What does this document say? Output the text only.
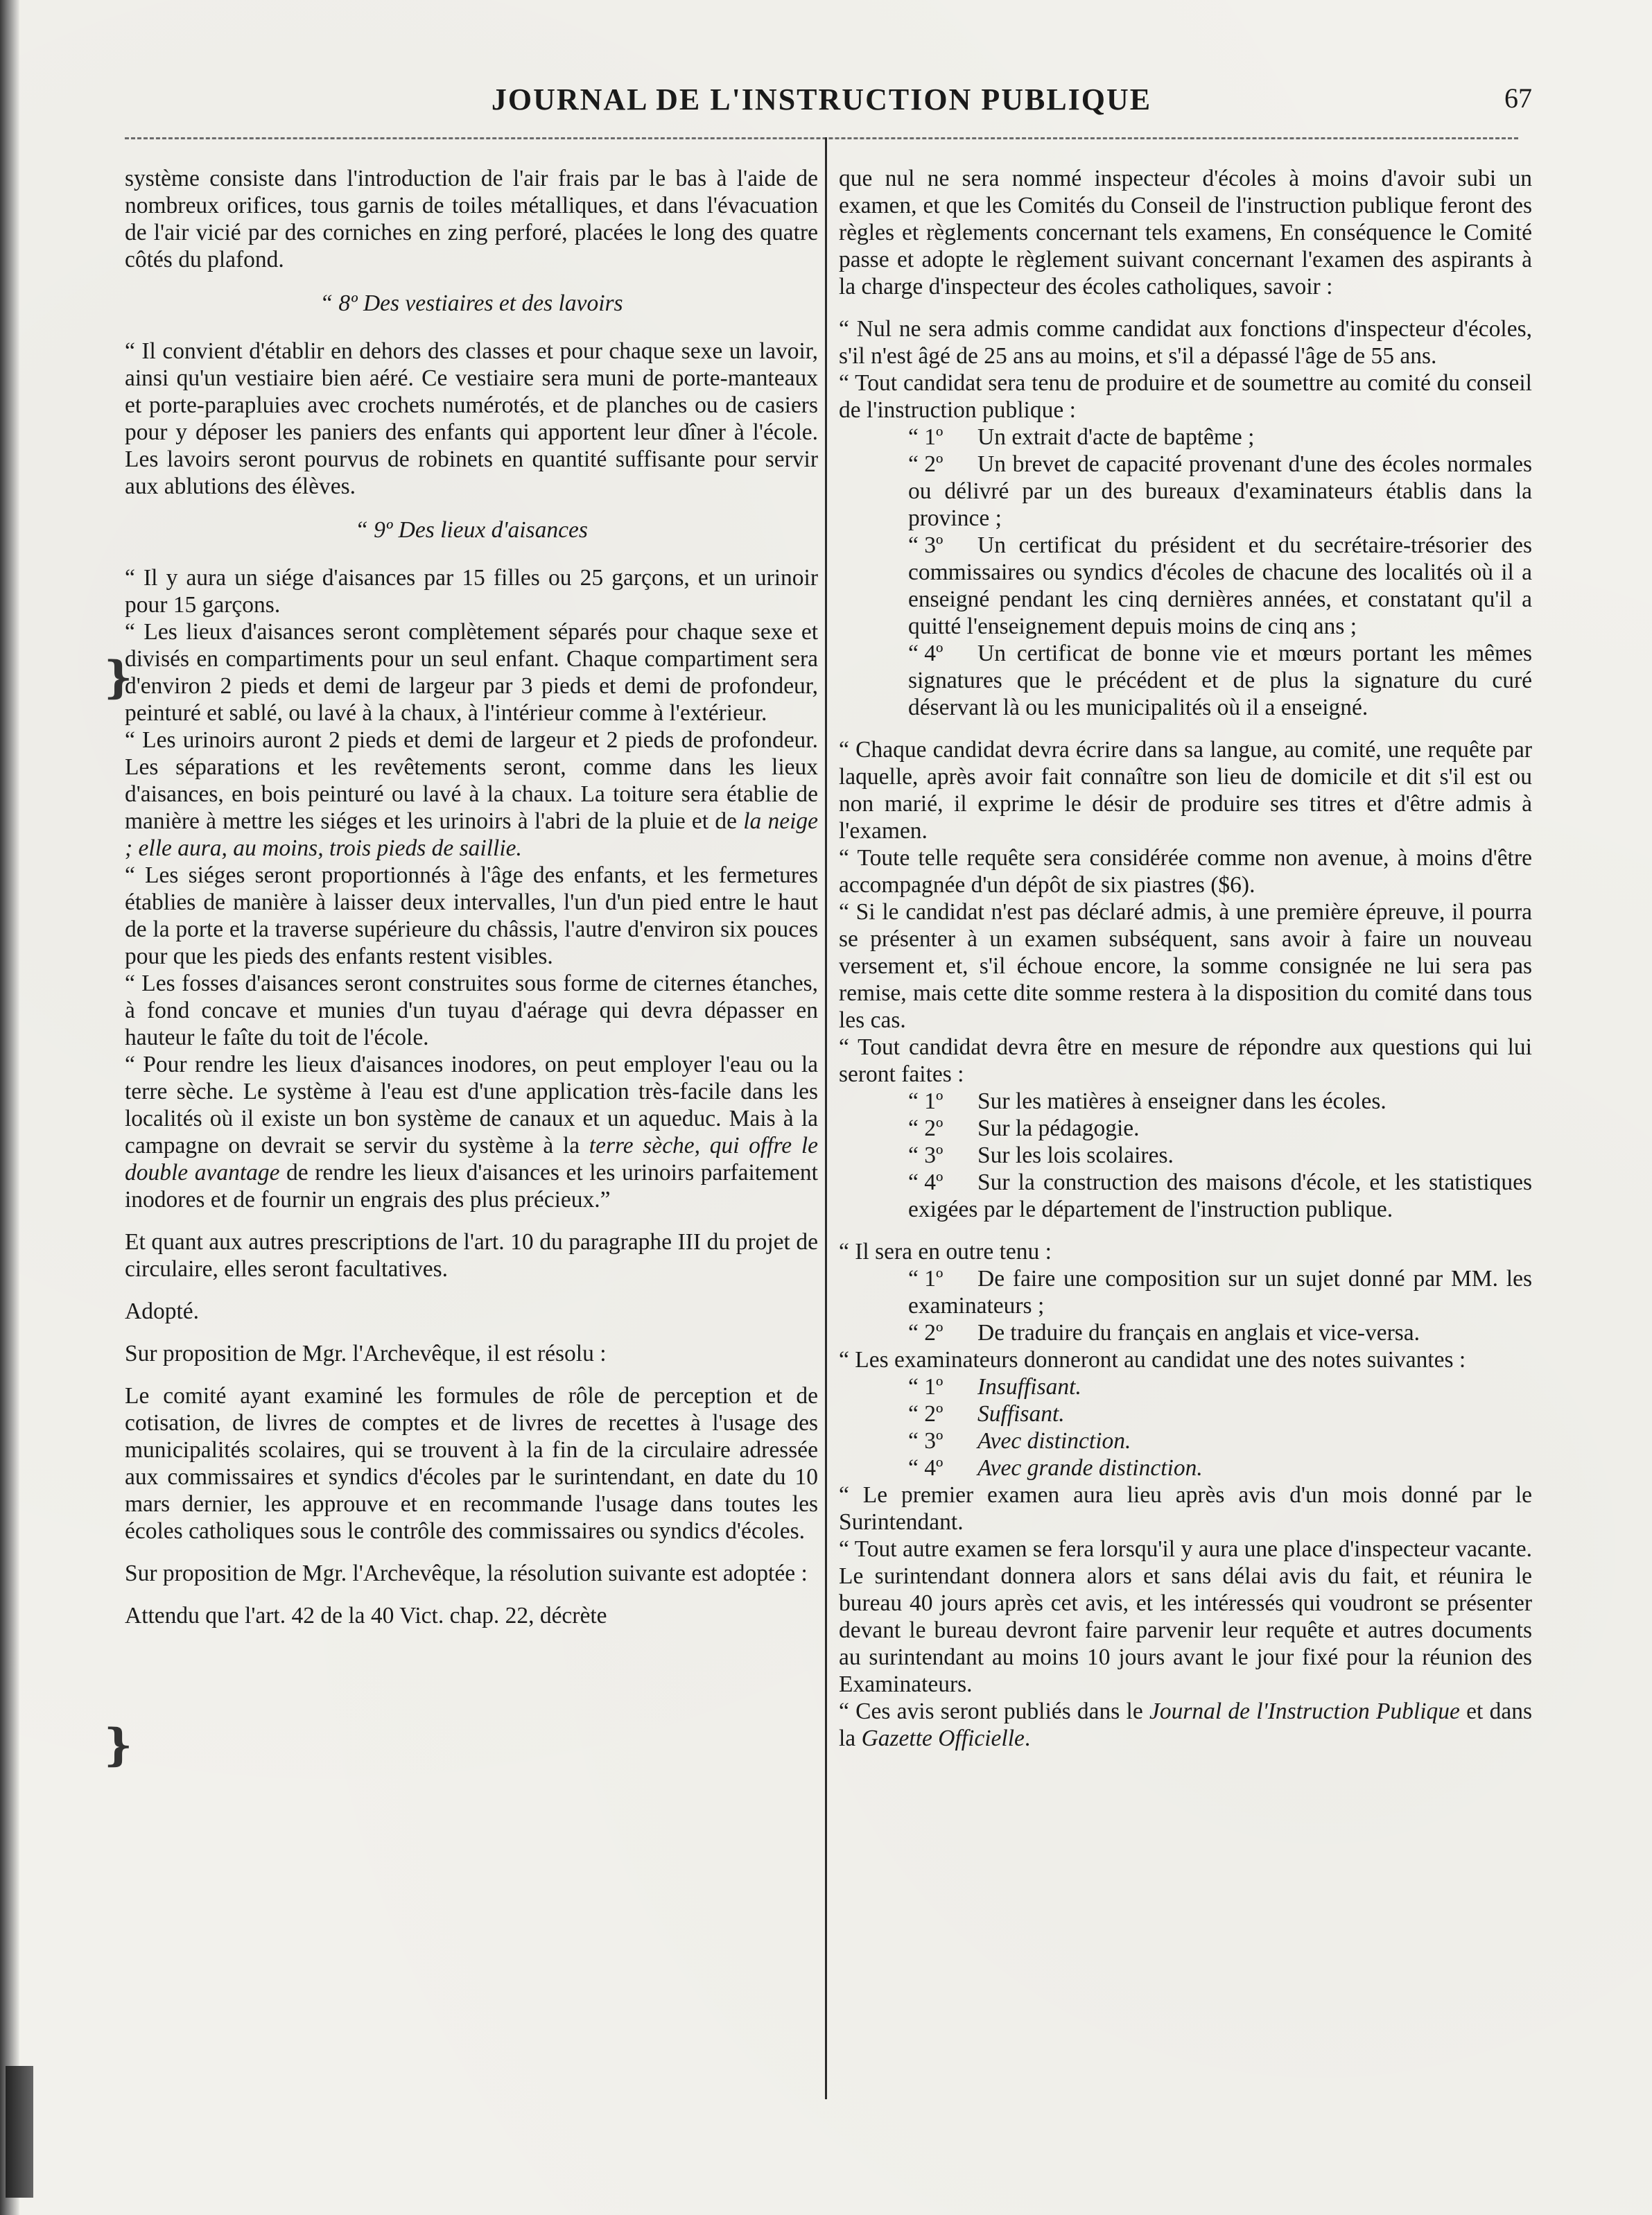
JOURNAL DE L'INSTRUCTION PUBLIQUE	67
}
}

système consiste dans l'introduction de l'air frais par le bas à l'aide de nombreux orifices, tous garnis de toiles métalliques, et dans l'évacuation de l'air vicié par des corniches en zing perforé, placées le long des quatre côtés du plafond.

“ 8º Des vestiaires et des lavoirs

“ Il convient d'établir en dehors des classes et pour chaque sexe un lavoir, ainsi qu'un vestiaire bien aéré. Ce vestiaire sera muni de porte-manteaux et porte-parapluies avec crochets numérotés, et de planches ou de casiers pour y déposer les paniers des enfants qui apportent leur dîner à l'école. Les lavoirs seront pourvus de robinets en quantité suffisante pour servir aux ablutions des élèves.

“ 9º Des lieux d'aisances

“ Il y aura un siége d'aisances par 15 filles ou 25 garçons, et un urinoir pour 15 garçons.

“ Les lieux d'aisances seront complètement séparés pour chaque sexe et divisés en compartiments pour un seul enfant. Chaque compartiment sera d'environ 2 pieds et demi de largeur par 3 pieds et demi de profondeur, peinturé et sablé, ou lavé à la chaux, à l'intérieur comme à l'extérieur.

“ Les urinoirs auront 2 pieds et demi de largeur et 2 pieds de profondeur. Les séparations et les revêtements seront, comme dans les lieux d'aisances, en bois peinturé ou lavé à la chaux. La toiture sera établie de manière à mettre les siéges et les urinoirs à l'abri de la pluie et de la neige ; elle aura, au moins, trois pieds de saillie.

“ Les siéges seront proportionnés à l'âge des enfants, et les fermetures établies de manière à laisser deux intervalles, l'un d'un pied entre le haut de la porte et la traverse supérieure du châssis, l'autre d'environ six pouces pour que les pieds des enfants restent visibles.

“ Les fosses d'aisances seront construites sous forme de citernes étanches, à fond concave et munies d'un tuyau d'aérage qui devra dépasser en hauteur le faîte du toit de l'école.

“ Pour rendre les lieux d'aisances inodores, on peut employer l'eau ou la terre sèche. Le système à l'eau est d'une application très-facile dans les localités où il existe un bon système de canaux et un aqueduc. Mais à la campagne on devrait se servir du système à la terre sèche, qui offre le double avantage de rendre les lieux d'aisances et les urinoirs parfaitement inodores et de fournir un engrais des plus précieux.”

Et quant aux autres prescriptions de l'art. 10 du paragraphe III du projet de circulaire, elles seront facultatives.

Adopté.

Sur proposition de Mgr. l'Archevêque, il est résolu :

Le comité ayant examiné les formules de rôle de perception et de cotisation, de livres de comptes et de livres de recettes à l'usage des municipalités scolaires, qui se trouvent à la fin de la circulaire adressée aux commissaires et syndics d'écoles par le surintendant, en date du 10 mars dernier, les approuve et en recommande l'usage dans toutes les écoles catholiques sous le contrôle des commissaires ou syndics d'écoles.

Sur proposition de Mgr. l'Archevêque, la résolution suivante est adoptée :

Attendu que l'art. 42 de la 40 Vict. chap. 22, décrète

que nul ne sera nommé inspecteur d'écoles à moins d'avoir subi un examen, et que les Comités du Conseil de l'instruction publique feront des règles et règlements concernant tels examens, En conséquence le Comité passe et adopte le règlement suivant concernant l'examen des aspirants à la charge d'inspecteur des écoles catholiques, savoir :

“ Nul ne sera admis comme candidat aux fonctions d'inspecteur d'écoles, s'il n'est âgé de 25 ans au moins, et s'il a dépassé l'âge de 55 ans.

“ Tout candidat sera tenu de produire et de soumettre au comité du conseil de l'instruction publique :

“ 1º Un extrait d'acte de baptême ;

“ 2º Un brevet de capacité provenant d'une des écoles normales ou délivré par un des bureaux d'examinateurs établis dans la province ;

“ 3º Un certificat du président et du secrétaire-trésorier des commissaires ou syndics d'écoles de chacune des localités où il a enseigné pendant les cinq dernières années, et constatant qu'il a quitté l'enseignement depuis moins de cinq ans ;

“ 4º Un certificat de bonne vie et mœurs portant les mêmes signatures que le précédent et de plus la signature du curé déservant là ou les municipalités où il a enseigné.

“ Chaque candidat devra écrire dans sa langue, au comité, une requête par laquelle, après avoir fait connaître son lieu de domicile et dit s'il est ou non marié, il exprime le désir de produire ses titres et d'être admis à l'examen.

“ Toute telle requête sera considérée comme non avenue, à moins d'être accompagnée d'un dépôt de six piastres ($6).

“ Si le candidat n'est pas déclaré admis, à une première épreuve, il pourra se présenter à un examen subséquent, sans avoir à faire un nouveau versement et, s'il échoue encore, la somme consignée ne lui sera pas remise, mais cette dite somme restera à la disposition du comité dans tous les cas.

“ Tout candidat devra être en mesure de répondre aux questions qui lui seront faites :

“ 1º Sur les matières à enseigner dans les écoles.

“ 2º Sur la pédagogie.

“ 3º Sur les lois scolaires.

“ 4º Sur la construction des maisons d'école, et les statistiques exigées par le département de l'instruction publique.

“ Il sera en outre tenu :

“ 1º De faire une composition sur un sujet donné par MM. les examinateurs ;

“ 2º De traduire du français en anglais et vice-versa.

“ Les examinateurs donneront au candidat une des notes suivantes :

“ 1º Insuffisant.

“ 2º Suffisant.

“ 3º Avec distinction.

“ 4º Avec grande distinction.

“ Le premier examen aura lieu après avis d'un mois donné par le Surintendant.

“ Tout autre examen se fera lorsqu'il y aura une place d'inspecteur vacante. Le surintendant donnera alors et sans délai avis du fait, et réunira le bureau 40 jours après cet avis, et les intéressés qui voudront se présenter devant le bureau devront faire parvenir leur requête et autres documents au surintendant au moins 10 jours avant le jour fixé pour la réunion des Examinateurs.

“ Ces avis seront publiés dans le Journal de l'Instruction Publique et dans la Gazette Officielle.
